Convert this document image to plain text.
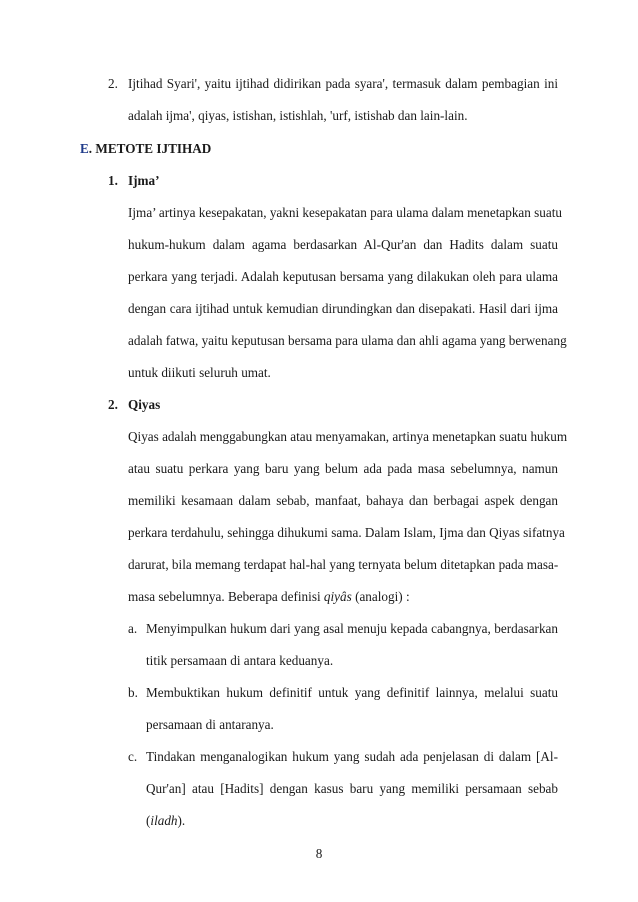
2. Ijtihad Syari', yaitu ijtihad didirikan pada syara', termasuk dalam pembagian ini
adalah ijma', qiyas, istishan, istishlah, 'urf, istishab dan lain-lain.
E. METOTE IJTIHAD
1. Ijma’
Ijma’ artinya kesepakatan, yakni kesepakatan para ulama dalam menetapkan suatu
hukum-hukum dalam agama berdasarkan Al-Qur'an dan Hadits dalam suatu
perkara yang terjadi. Adalah keputusan bersama yang dilakukan oleh para ulama
dengan cara ijtihad untuk kemudian dirundingkan dan disepakati. Hasil dari ijma
adalah fatwa, yaitu keputusan bersama para ulama dan ahli agama yang berwenang
untuk diikuti seluruh umat.
2. Qiyas
Qiyas adalah menggabungkan atau menyamakan, artinya menetapkan suatu hukum
atau suatu perkara yang baru yang belum ada pada masa sebelumnya, namun
memiliki kesamaan dalam sebab, manfaat, bahaya dan berbagai aspek dengan
perkara terdahulu, sehingga dihukumi sama. Dalam Islam, Ijma dan Qiyas sifatnya
darurat, bila memang terdapat hal-hal yang ternyata belum ditetapkan pada masa-
masa sebelumnya. Beberapa definisi qiyâs (analogi) :
a. Menyimpulkan hukum dari yang asal menuju kepada cabangnya, berdasarkan
titik persamaan di antara keduanya.
b. Membuktikan hukum definitif untuk yang definitif lainnya, melalui suatu
persamaan di antaranya.
c. Tindakan menganalogikan hukum yang sudah ada penjelasan di dalam [Al-
Qur'an] atau [Hadits] dengan kasus baru yang memiliki persamaan sebab
(iladh).
8
